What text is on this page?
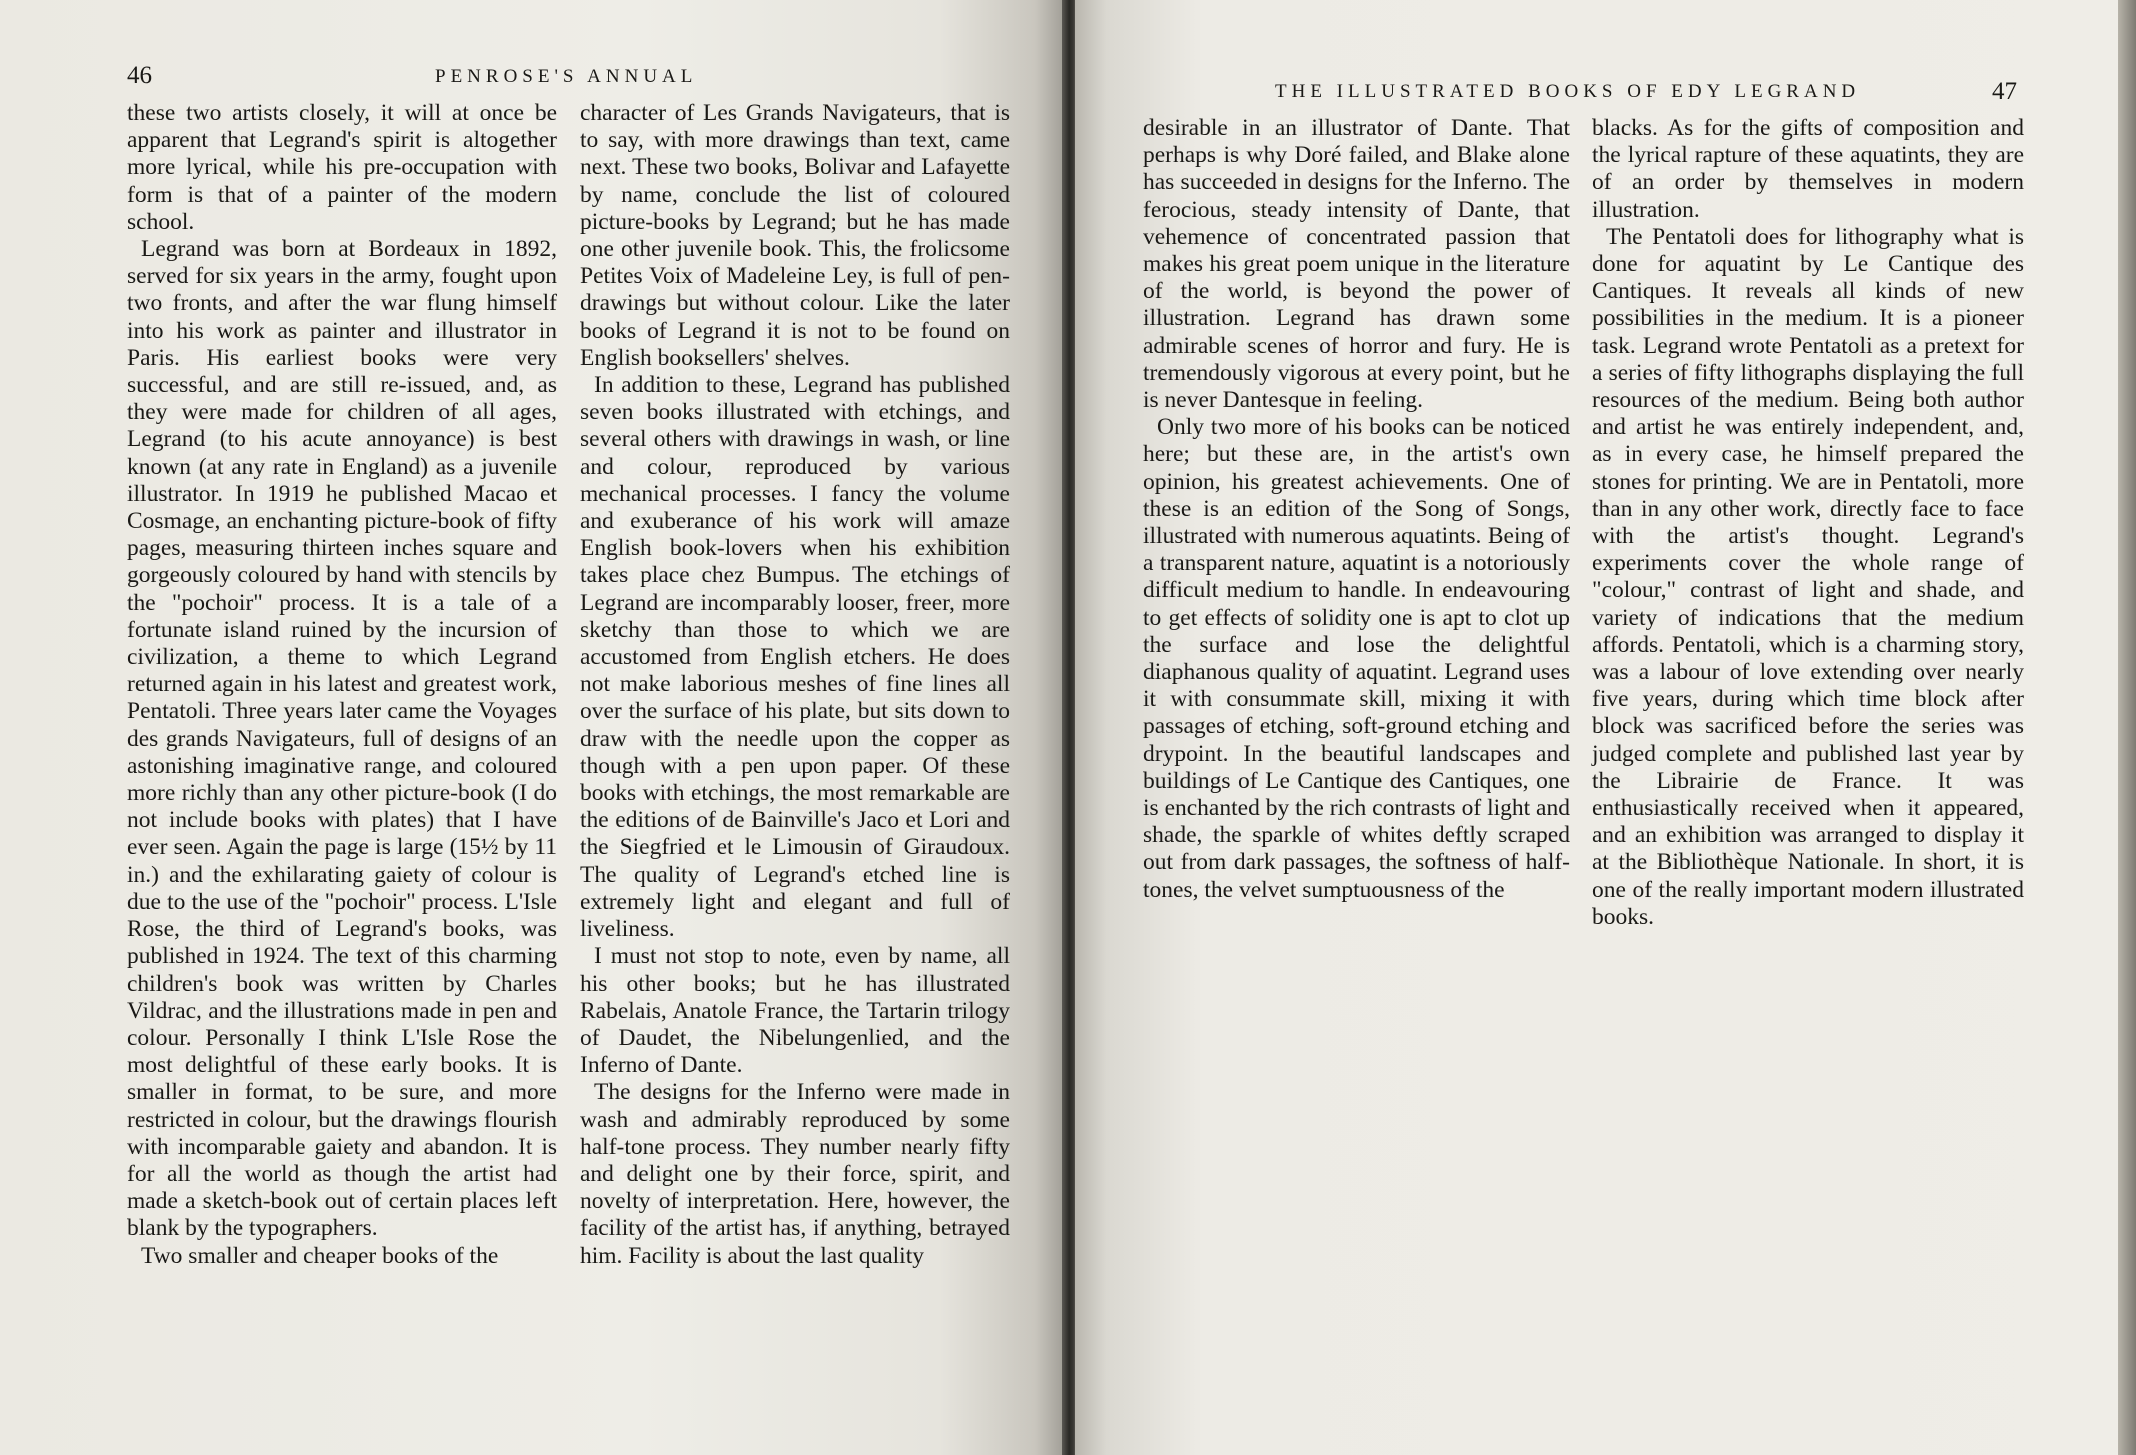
46	PENROSE'S ANNUAL

these two artists closely, it will at once be apparent that Legrand's spirit is altogether more lyrical, while his pre-occupation with form is that of a painter of the modern school.

Legrand was born at Bordeaux in 1892, served for six years in the army, fought upon two fronts, and after the war flung himself into his work as painter and illustrator in Paris. His earliest books were very successful, and are still re-issued, and, as they were made for children of all ages, Legrand (to his acute annoyance) is best known (at any rate in England) as a juvenile illustrator. In 1919 he published Macao et Cosmage, an enchanting picture-book of fifty pages, measuring thirteen inches square and gorgeously coloured by hand with stencils by the "pochoir" process. It is a tale of a fortunate island ruined by the incursion of civilization, a theme to which Legrand returned again in his latest and greatest work, Pentatoli. Three years later came the Voyages des grands Navigateurs, full of designs of an astonishing imaginative range, and coloured more richly than any other picture-book (I do not include books with plates) that I have ever seen. Again the page is large (15½ by 11 in.) and the exhilarating gaiety of colour is due to the use of the "pochoir" process. L'Isle Rose, the third of Legrand's books, was published in 1924. The text of this charming children's book was written by Charles Vildrac, and the illustrations made in pen and colour. Personally I think L'Isle Rose the most delightful of these early books. It is smaller in format, to be sure, and more restricted in colour, but the drawings flourish with incomparable gaiety and abandon. It is for all the world as though the artist had made a sketch-book out of certain places left blank by the typographers.

Two smaller and cheaper books of the

character of Les Grands Navigateurs, that is to say, with more drawings than text, came next. These two books, Bolivar and Lafayette by name, conclude the list of coloured picture-books by Legrand; but he has made one other juvenile book. This, the frolicsome Petites Voix of Madeleine Ley, is full of pen-drawings but without colour. Like the later books of Legrand it is not to be found on English booksellers' shelves.

In addition to these, Legrand has published seven books illustrated with etchings, and several others with drawings in wash, or line and colour, reproduced by various mechanical processes. I fancy the volume and exuberance of his work will amaze English book-lovers when his exhibition takes place chez Bumpus. The etchings of Legrand are incomparably looser, freer, more sketchy than those to which we are accustomed from English etchers. He does not make laborious meshes of fine lines all over the surface of his plate, but sits down to draw with the needle upon the copper as though with a pen upon paper. Of these books with etchings, the most remarkable are the editions of de Bainville's Jaco et Lori and the Siegfried et le Limousin of Giraudoux. The quality of Legrand's etched line is extremely light and elegant and full of liveliness.

I must not stop to note, even by name, all his other books; but he has illustrated Rabelais, Anatole France, the Tartarin trilogy of Daudet, the Nibelungenlied, and the Inferno of Dante.

The designs for the Inferno were made in wash and admirably reproduced by some half-tone process. They number nearly fifty and delight one by their force, spirit, and novelty of interpretation. Here, however, the facility of the artist has, if anything, betrayed him. Facility is about the last quality

THE ILLUSTRATED BOOKS OF EDY LEGRAND	47

desirable in an illustrator of Dante. That perhaps is why Doré failed, and Blake alone has succeeded in designs for the Inferno. The ferocious, steady intensity of Dante, that vehemence of concentrated passion that makes his great poem unique in the literature of the world, is beyond the power of illustration. Legrand has drawn some admirable scenes of horror and fury. He is tremendously vigorous at every point, but he is never Dantesque in feeling.

Only two more of his books can be noticed here; but these are, in the artist's own opinion, his greatest achievements. One of these is an edition of the Song of Songs, illustrated with numerous aquatints. Being of a transparent nature, aquatint is a notoriously difficult medium to handle. In endeavouring to get effects of solidity one is apt to clot up the surface and lose the delightful diaphanous quality of aquatint. Legrand uses it with consummate skill, mixing it with passages of etching, soft-ground etching and drypoint. In the beautiful landscapes and buildings of Le Cantique des Cantiques, one is enchanted by the rich contrasts of light and shade, the sparkle of whites deftly scraped out from dark passages, the softness of half-tones, the velvet sumptuousness of the

blacks. As for the gifts of composition and the lyrical rapture of these aquatints, they are of an order by themselves in modern illustration.

The Pentatoli does for lithography what is done for aquatint by Le Cantique des Cantiques. It reveals all kinds of new possibilities in the medium. It is a pioneer task. Legrand wrote Pentatoli as a pretext for a series of fifty lithographs displaying the full resources of the medium. Being both author and artist he was entirely independent, and, as in every case, he himself prepared the stones for printing. We are in Pentatoli, more than in any other work, directly face to face with the artist's thought. Legrand's experiments cover the whole range of "colour," contrast of light and shade, and variety of indications that the medium affords. Pentatoli, which is a charming story, was a labour of love extending over nearly five years, during which time block after block was sacrificed before the series was judged complete and published last year by the Librairie de France. It was enthusiastically received when it appeared, and an exhibition was arranged to display it at the Bibliothèque Nationale. In short, it is one of the really important modern illustrated books.
